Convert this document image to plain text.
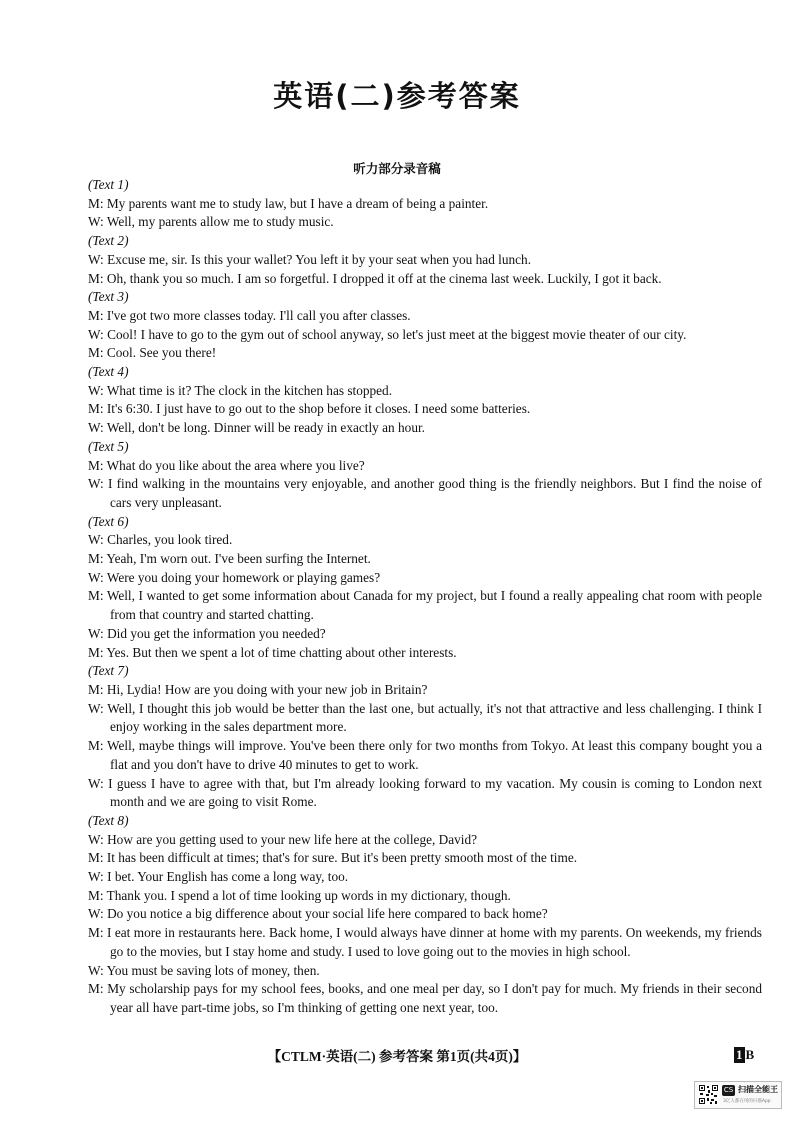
英语(二)参考答案
听力部分录音稿
(Text 1)
M: My parents want me to study law, but I have a dream of being a painter.
W: Well, my parents allow me to study music.
(Text 2)
W: Excuse me, sir. Is this your wallet? You left it by your seat when you had lunch.
M: Oh, thank you so much. I am so forgetful. I dropped it off at the cinema last week. Luckily, I got it back.
(Text 3)
M: I've got two more classes today. I'll call you after classes.
W: Cool! I have to go to the gym out of school anyway, so let's just meet at the biggest movie theater of our city.
M: Cool. See you there!
(Text 4)
W: What time is it? The clock in the kitchen has stopped.
M: It's 6:30. I just have to go out to the shop before it closes. I need some batteries.
W: Well, don't be long. Dinner will be ready in exactly an hour.
(Text 5)
M: What do you like about the area where you live?
W: I find walking in the mountains very enjoyable, and another good thing is the friendly neighbors. But I find the noise of cars very unpleasant.
(Text 6)
W: Charles, you look tired.
M: Yeah, I'm worn out. I've been surfing the Internet.
W: Were you doing your homework or playing games?
M: Well, I wanted to get some information about Canada for my project, but I found a really appealing chat room with people from that country and started chatting.
W: Did you get the information you needed?
M: Yes. But then we spent a lot of time chatting about other interests.
(Text 7)
M: Hi, Lydia! How are you doing with your new job in Britain?
W: Well, I thought this job would be better than the last one, but actually, it's not that attractive and less challenging. I think I enjoy working in the sales department more.
M: Well, maybe things will improve. You've been there only for two months from Tokyo. At least this company bought you a flat and you don't have to drive 40 minutes to get to work.
W: I guess I have to agree with that, but I'm already looking forward to my vacation. My cousin is coming to London next month and we are going to visit Rome.
(Text 8)
W: How are you getting used to your new life here at the college, David?
M: It has been difficult at times; that's for sure. But it's been pretty smooth most of the time.
W: I bet. Your English has come a long way, too.
M: Thank you. I spend a lot of time looking up words in my dictionary, though.
W: Do you notice a big difference about your social life here compared to back home?
M: I eat more in restaurants here. Back home, I would always have dinner at home with my parents. On weekends, my friends go to the movies, but I stay home and study. I used to love going out to the movies in high school.
W: You must be saving lots of money, then.
M: My scholarship pays for my school fees, books, and one meal per day, so I don't pay for much. My friends in their second year all have part-time jobs, so I'm thinking of getting one next year, too.
【CTLM·英语(二) 参考答案 第1页(共4页)】	1 B
CS 扫描全能王
3亿人都在用的扫描App
